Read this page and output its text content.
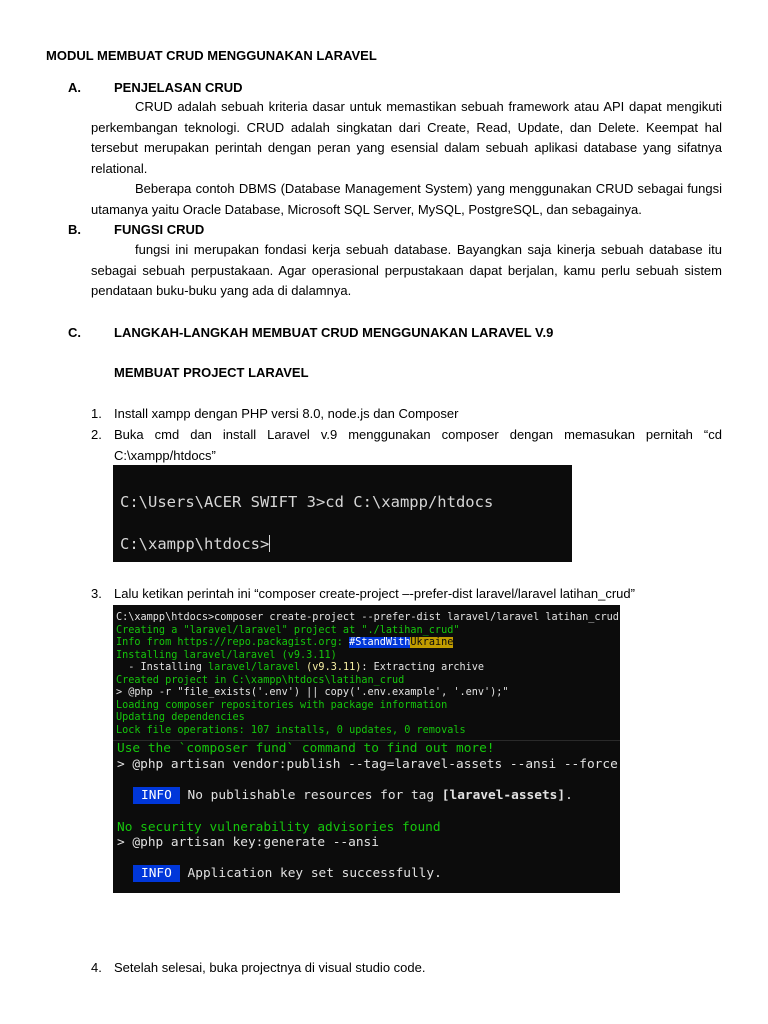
MODUL MEMBUAT CRUD MENGGUNAKAN LARAVEL
A.	PENJELASAN CRUD

CRUD adalah sebuah kriteria dasar untuk memastikan sebuah framework atau API dapat mengikuti perkembangan teknologi. CRUD adalah singkatan dari Create, Read, Update, dan Delete. Keempat hal tersebut merupakan perintah dengan peran yang esensial dalam sebuah aplikasi database yang sifatnya relational.

Beberapa contoh DBMS (Database Management System) yang menggunakan CRUD sebagai fungsi utamanya yaitu Oracle Database, Microsoft SQL Server, MySQL, PostgreSQL, dan sebagainya.

B.	FUNGSI CRUD

fungsi ini merupakan fondasi kerja sebuah database. Bayangkan saja kinerja sebuah database itu sebagai sebuah perpustakaan. Agar operasional perpustakaan dapat berjalan, kamu perlu sebuah sistem pendataan buku-buku yang ada di dalamnya.

C.	LANGKAH-LANGKAH MEMBUAT CRUD MENGGUNAKAN LARAVEL V.9
MEMBUAT PROJECT LARAVEL
1. Install xampp dengan PHP versi 8.0, node.js dan Composer
2. Buka cmd dan install Laravel v.9 menggunakan composer dengan memasukan pernitah “cd C:\xampp/htdocs”
C:\Users\ACER SWIFT 3>cd C:\xampp/htdocs
C:\xampp\htdocs>
3. Lalu ketikan perintah ini “composer create-project –-prefer-dist laravel/laravel latihan_crud”
C:\xampp\htdocs>composer create-project --prefer-dist laravel/laravel latihan_crud
Creating a "laravel/laravel" project at "./latihan_crud"
Info from https://repo.packagist.org: #StandWithUkraine
Installing laravel/laravel (v9.3.11)
- Installing laravel/laravel (v9.3.11): Extracting archive
Created project in C:\xampp\htdocs\latihan_crud
> @php -r "file_exists('.env') || copy('.env.example', '.env');"
Loading composer repositories with package information
Updating dependencies
Lock file operations: 107 installs, 0 updates, 0 removals
Use the `composer fund` command to find out more!
> @php artisan vendor:publish --tag=laravel-assets --ansi --force
INFO No publishable resources for tag [laravel-assets].
No security vulnerability advisories found
> @php artisan key:generate --ansi
INFO Application key set successfully.
4. Setelah selesai, buka projectnya di visual studio code.
